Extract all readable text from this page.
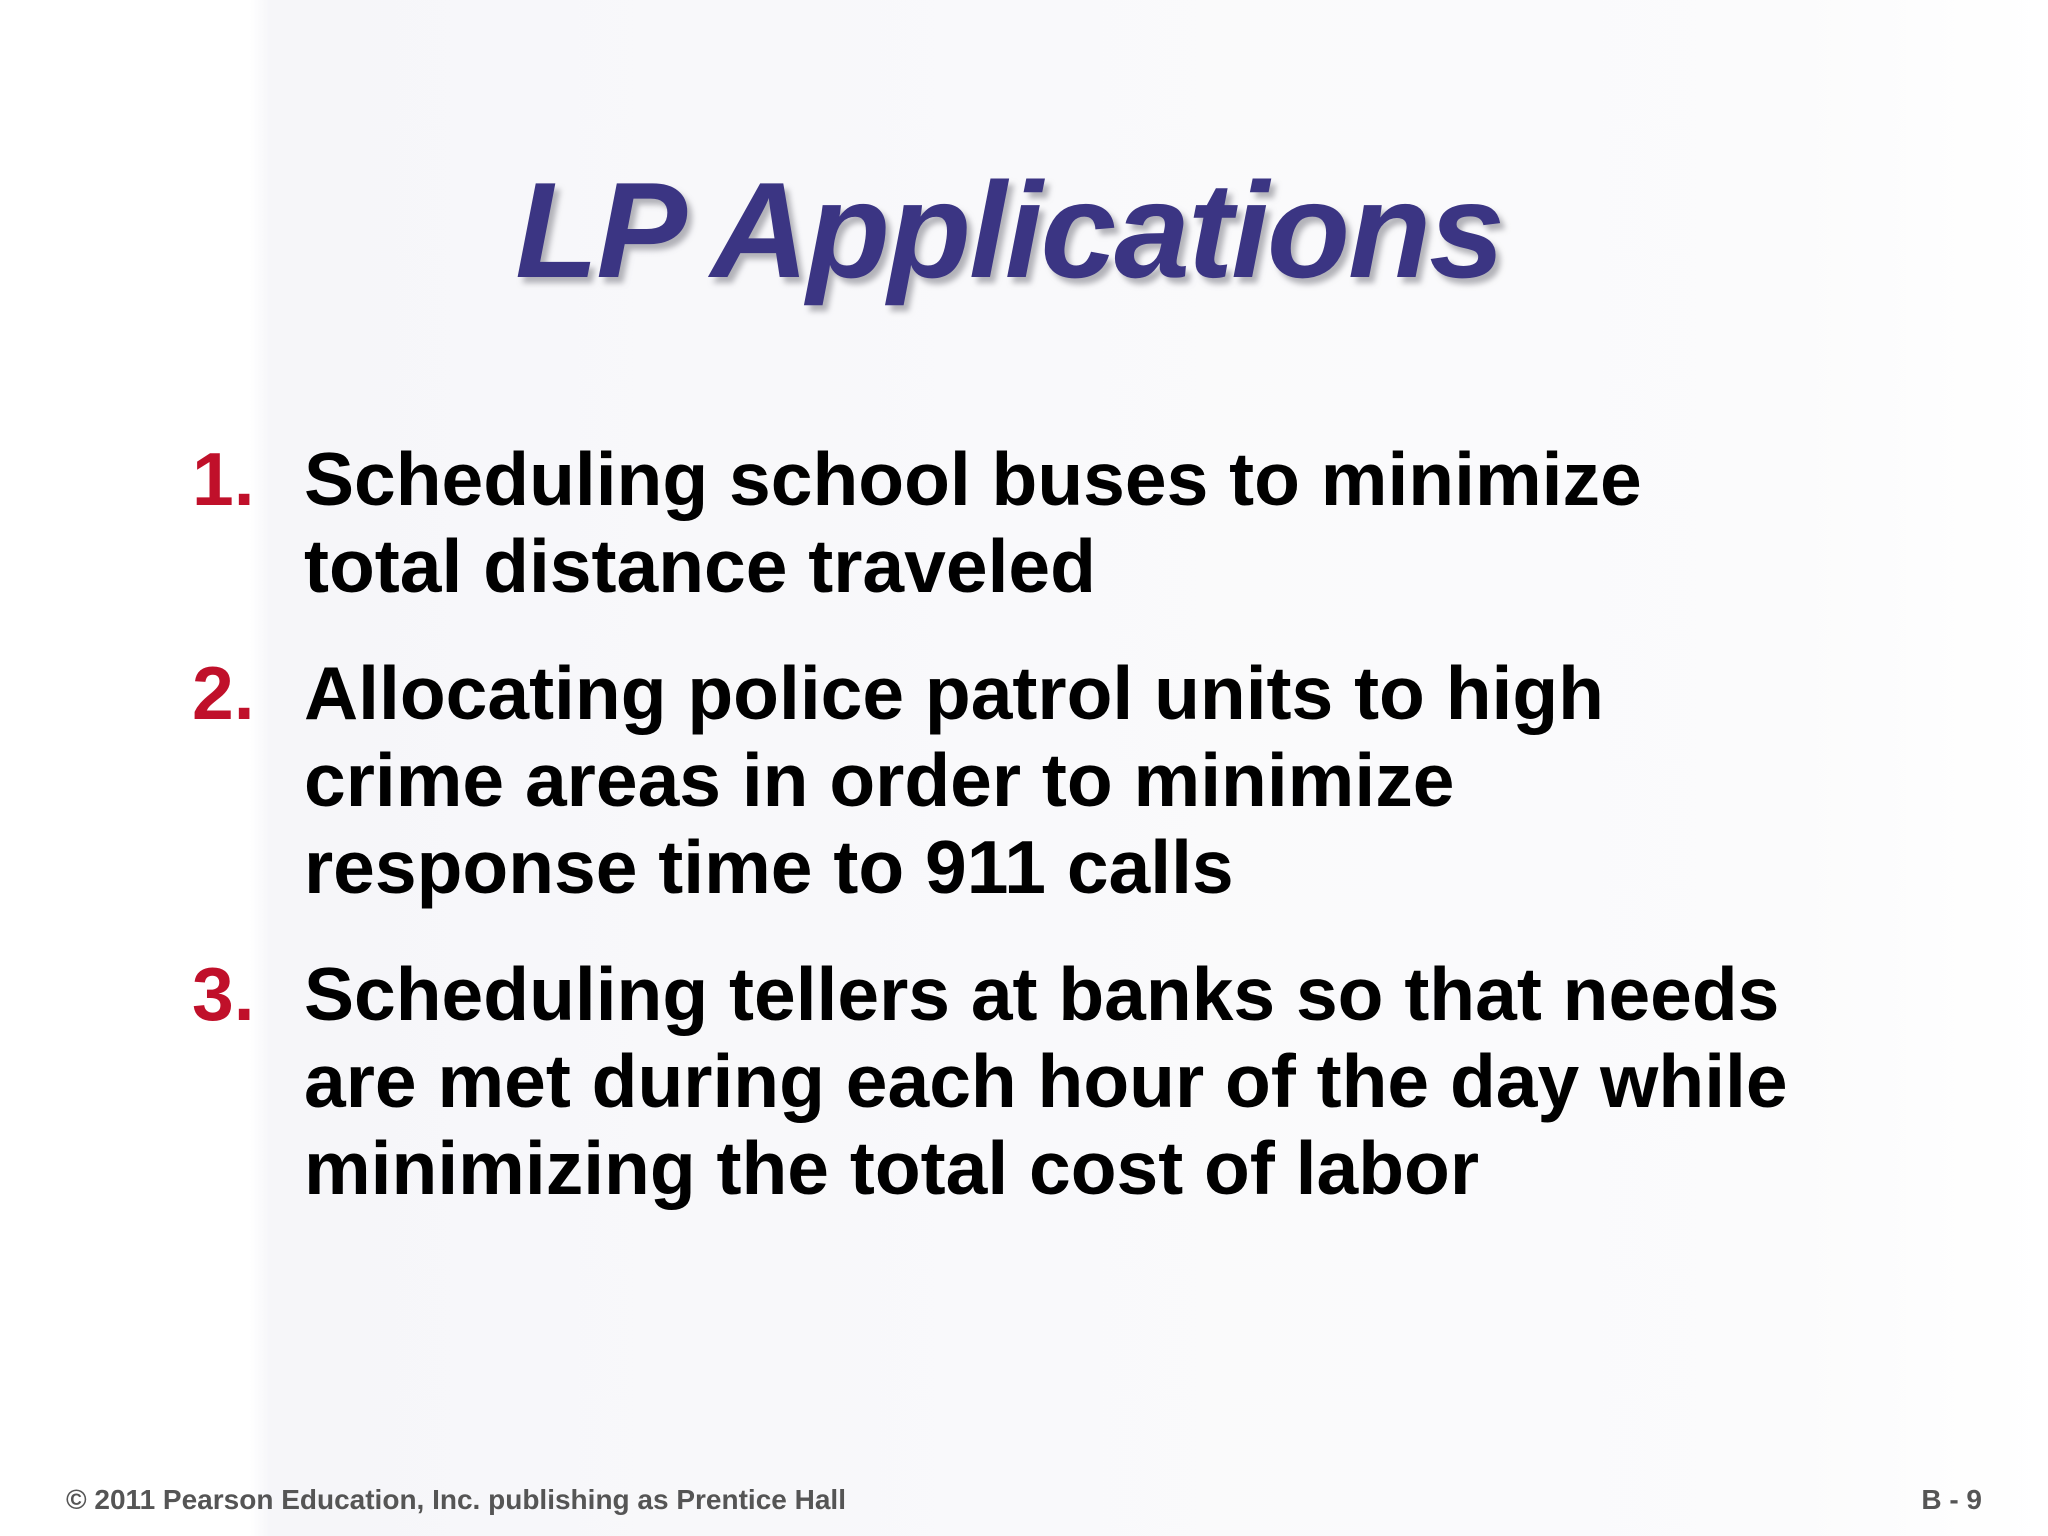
LP Applications
1. Scheduling school buses to minimize total distance traveled
2. Allocating police patrol units to high crime areas in order to minimize response time to 911 calls
3. Scheduling tellers at banks so that needs are met during each hour of the day while minimizing the total cost of labor
© 2011 Pearson Education, Inc. publishing as Prentice Hall	B - 9
